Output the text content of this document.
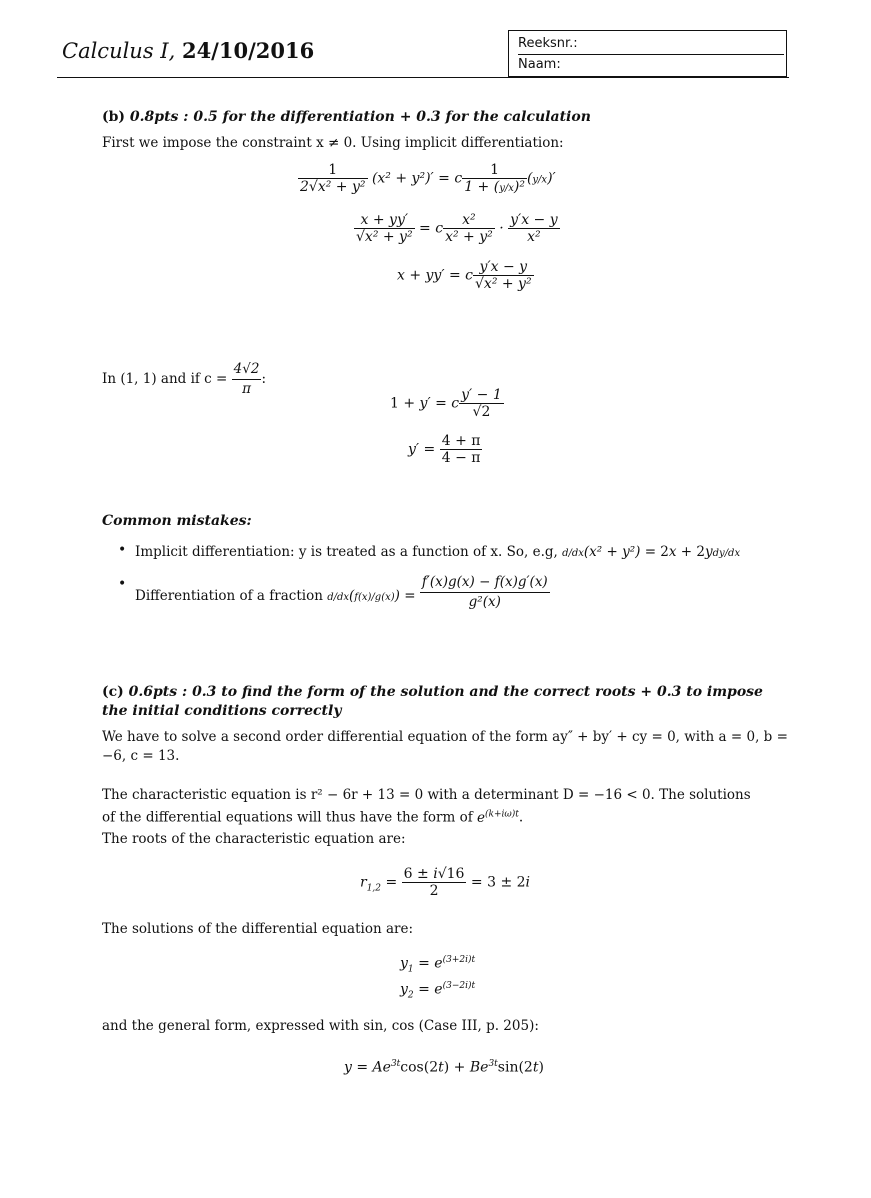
Calculus I, 24/10/2016	Reeksnr.:
Naam:
(b) 0.8pts : 0.5 for the differentiation + 0.3 for the calculation
First we impose the constraint x ≠ 0. Using implicit differentiation:
$\frac{1}{\text{2√x² + y²}} (x^2 + y^2)' = c \frac{1}{\text{1 + (y/x)²}} (y/x)'$
$\frac{x + yy'}{\text{√x² + y²}} = c \frac{\text{x²}}{\text{x² + y²}} \cdot \frac{y'x - y}{\text{x²}}$
x + yy′ = c $\frac{y'x - y}{\text{√x² + y²}}$
In (1, 1) and if $c = \frac{4√2}{\pi}$ :
1 + y′ = c $\frac{y' - 1}{√2}$
$y' = \frac{4 + \pi}{4 - \pi}$
Common mistakes:
• Implicit differentiation: y is treated as a function of x. So, e.g, d/dx(x² + y²) = 2x + 2ydy/dx
•
Differentiation of a fraction $d/dx(f(x)/g(x)) = \frac{f'(x)g(x) - f(x)g'(x)}{\text{g²(x)}}$
(c) 0.6pts : 0.3 to find the form of the solution and the correct roots + 0.3 to impose
the initial conditions correctly
We have to solve a second order differential equation of the form ay″ + by′ + cy = 0, with a = 0, b =
−6, c = 13.
The characteristic equation is r² − 6r + 13 = 0 with a determinant D = −16 < 0. The solutions
of the differential equations will thus have the form of $e^{(k+i\omega)t}$.
The roots of the characteristic equation are:
$r_{1,2} = \frac{6 \pm i√16}{2} = 3 \pm 2i$
The solutions of the differential equation are:
$y_1 = e^{(3+2i)t}$
$y_2 = e^{(3-2i)t}$
and the general form, expressed with sin, cos (Case III, p. 205):
$y = Ae^{3t}\cos(2t) + Be^{3t}\sin(2t)$
